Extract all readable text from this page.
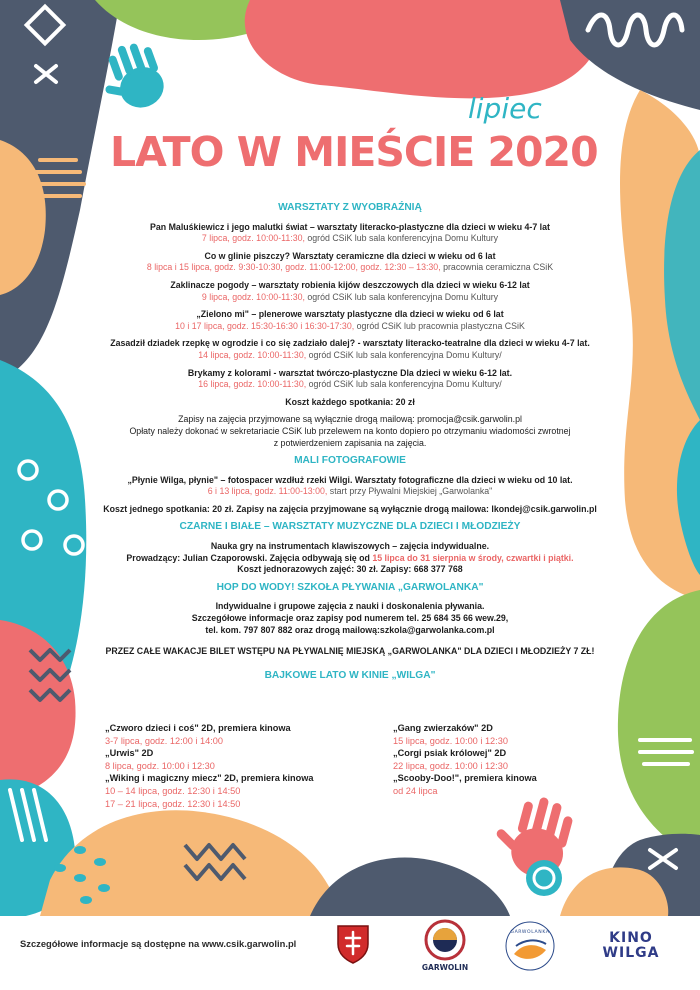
lipiec
LATO W MIEŚCIE 2020
WARSZTATY Z WYOBRAŹNIĄ
Pan Maluśkiewicz i jego malutki świat – warsztaty literacko-plastyczne dla dzieci w wieku 4-7 lat
7 lipca, godz. 10:00-11:30, ogród CSiK lub sala konferencyjna Domu Kultury
Co w glinie piszczy? Warsztaty ceramiczne dla dzieci w wieku od 6 lat
8 lipca i 15 lipca, godz. 9:30-10:30, godz. 11:00-12:00, godz. 12:30 – 13:30, pracownia ceramiczna CSiK
Zaklinacze pogody – warsztaty robienia kijów deszczowych dla dzieci w wieku 6-12 lat
9 lipca, godz. 10:00-11:30, ogród CSiK lub sala konferencyjna Domu Kultury
„Zielono mi" – plenerowe warsztaty plastyczne dla dzieci w wieku od 6 lat
10 i 17 lipca, godz. 15:30-16:30 i 16:30-17:30, ogród CSiK lub pracownia plastyczna CSiK
Zasadził dziadek rzepkę w ogrodzie i co się zadziało dalej? - warsztaty literacko-teatralne dla dzieci w wieku 4-7 lat.
14 lipca, godz. 10:00-11:30, ogród CSiK lub sala konferencyjna Domu Kultury/
Brykamy z kolorami - warsztat twórczo-plastyczne Dla dzieci w wieku 6-12 lat.
16 lipca, godz. 10:00-11:30, ogród CSiK lub sala konferencyjna Domu Kultury/
Koszt każdego spotkania: 20 zł
Zapisy na zajęcia przyjmowane są wyłącznie drogą mailową: promocja@csik.garwolin.pl
Opłaty należy dokonać w sekretariacie CSiK lub przelewem na konto dopiero po otrzymaniu wiadomości zwrotnej
z potwierdzeniem zapisania na zajęcia.
MALI FOTOGRAFOWIE
„Płynie Wilga, płynie" – fotospacer wzdłuż rzeki Wilgi. Warsztaty fotograficzne dla dzieci w wieku od 10 lat.
6 i 13 lipca, godz. 11:00-13:00, start przy Pływalni Miejskiej „Garwolanka"
Koszt jednego spotkania: 20 zł. Zapisy na zajęcia przyjmowane są wyłącznie drogą mailowa: lkondej@csik.garwolin.pl
CZARNE I BIAŁE – WARSZTATY MUZYCZNE DLA DZIECI I MŁODZIEŻY
Nauka gry na instrumentach klawiszowych – zajęcia indywidualne.
Prowadzący: Julian Czaporowski. Zajęcia odbywają się od 15 lipca do 31 sierpnia w środy, czwartki i piątki.
Koszt jednorazowych zajęć: 30 zł. Zapisy: 668 377 768
HOP DO WODY! SZKOŁA PŁYWANIA „GARWOLANKA"
Indywidualne i grupowe zajęcia z nauki i doskonalenia pływania.
Szczegółowe informacje oraz zapisy pod numerem tel. 25 684 35 66 wew.29,
tel. kom. 797 807 882 oraz drogą mailową:szkola@garwolanka.com.pl
PRZEZ CAŁE WAKACJE BILET WSTĘPU NA PŁYWALNIĘ MIEJSKĄ „GARWOLANKA" DLA DZIECI I MŁODZIEŻY 7 ZŁ!
BAJKOWE LATO W KINIE „WILGA"
„Czworo dzieci i coś" 2D, premiera kinowa
3-7 lipca, godz. 12:00 i 14:00
„Urwis" 2D
8 lipca, godz. 10:00 i 12:30
„Wiking i magiczny miecz" 2D, premiera kinowa
10 – 14 lipca, godz. 12:30 i 14:50
17 – 21 lipca, godz. 12:30 i 14:50
„Gang zwierzaków" 2D
15 lipca, godz. 10:00 i 12:30
„Corgi psiak królowej" 2D
22 lipca, godz. 10:00 i 12:30
„Scooby-Doo!", premiera kinowa
od 24 lipca
Szczegółowe informacje są dostępne na www.csik.garwolin.pl
GARWOLIN
GARWOLANKA	KINO
WILGA
